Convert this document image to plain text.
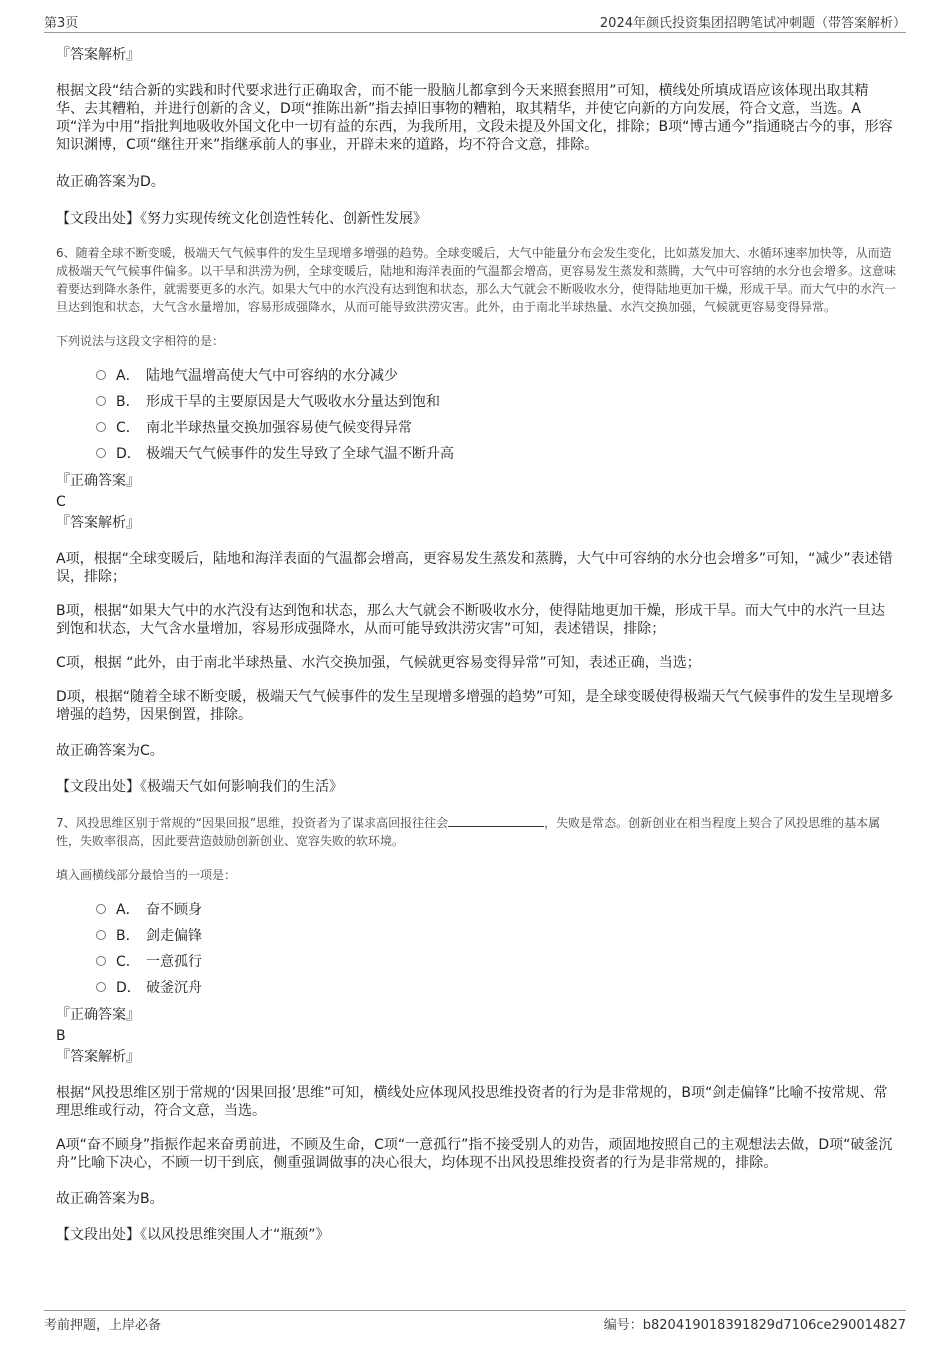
第3页	2024年颜氏投资集团招聘笔试冲刺题（带答案解析）

『答案解析』

根据文段“结合新的实践和时代要求进行正确取舍，而不能一股脑儿都拿到今天来照套照用”可知，横线处所填成语应该体现出取其精华、去其糟粕，并进行创新的含义，D项“推陈出新”指去掉旧事物的糟粕，取其精华，并使它向新的方向发展，符合文意，当选。A项“洋为中用”指批判地吸收外国文化中一切有益的东西，为我所用，文段未提及外国文化，排除；B项“博古通今”指通晓古今的事，形容知识渊博，C项“继往开来”指继承前人的事业，开辟未来的道路，均不符合文意，排除。

故正确答案为D。

【文段出处】《努力实现传统文化创造性转化、创新性发展》

6、随着全球不断变暖，极端天气气候事件的发生呈现增多增强的趋势。全球变暖后，大气中能量分布会发生变化，比如蒸发加大、水循环速率加快等，从而造成极端天气气候事件偏多。以干旱和洪涝为例，全球变暖后，陆地和海洋表面的气温都会增高，更容易发生蒸发和蒸腾，大气中可容纳的水分也会增多。这意味着要达到降水条件，就需要更多的水汽。如果大气中的水汽没有达到饱和状态，那么大气就会不断吸收水分，使得陆地更加干燥，形成干旱。而大气中的水汽一旦达到饱和状态，大气含水量增加，容易形成强降水，从而可能导致洪涝灾害。此外，由于南北半球热量、水汽交换加强，气候就更容易变得异常。

下列说法与这段文字相符的是：

A． 陆地气温增高使大气中可容纳的水分减少
B． 形成干旱的主要原因是大气吸收水分量达到饱和
C． 南北半球热量交换加强容易使气候变得异常
D． 极端天气气候事件的发生导致了全球气温不断升高

『正确答案』

C

『答案解析』

A项，根据“全球变暖后，陆地和海洋表面的气温都会增高，更容易发生蒸发和蒸腾，大气中可容纳的水分也会增多”可知，“减少”表述错误，排除；

B项，根据“如果大气中的水汽没有达到饱和状态，那么大气就会不断吸收水分，使得陆地更加干燥，形成干旱。而大气中的水汽一旦达到饱和状态，大气含水量增加，容易形成强降水，从而可能导致洪涝灾害”可知，表述错误，排除；

C项，根据 “此外，由于南北半球热量、水汽交换加强，气候就更容易变得异常”可知，表述正确，当选；

D项，根据“随着全球不断变暖，极端天气气候事件的发生呈现增多增强的趋势”可知，是全球变暖使得极端天气气候事件的发生呈现增多增强的趋势，因果倒置，排除。

故正确答案为C。

【文段出处】《极端天气如何影响我们的生活》

7、风投思维区别于常规的“因果回报”思维，投资者为了谋求高回报往往会	，失败是常态。创新创业在相当程度上契合了风投思维的基本属性，失败率很高，因此要营造鼓励创新创业、宽容失败的软环境。

填入画横线部分最恰当的一项是：

A． 奋不顾身
B． 剑走偏锋
C． 一意孤行
D． 破釜沉舟

『正确答案』

B

『答案解析』

根据“风投思维区别于常规的‘因果回报’思维”可知，横线处应体现风投思维投资者的行为是非常规的，B项“剑走偏锋”比喻不按常规、常理思维或行动，符合文意，当选。

A项“奋不顾身”指振作起来奋勇前进，不顾及生命，C项“一意孤行”指不接受别人的劝告，顽固地按照自己的主观想法去做，D项“破釜沉舟”比喻下决心，不顾一切干到底，侧重强调做事的决心很大，均体现不出风投思维投资者的行为是非常规的，排除。

故正确答案为B。

【文段出处】《以风投思维突围人才“瓶颈”》

考前押题，上岸必备	编号：b820419018391829d7106ce290014827
